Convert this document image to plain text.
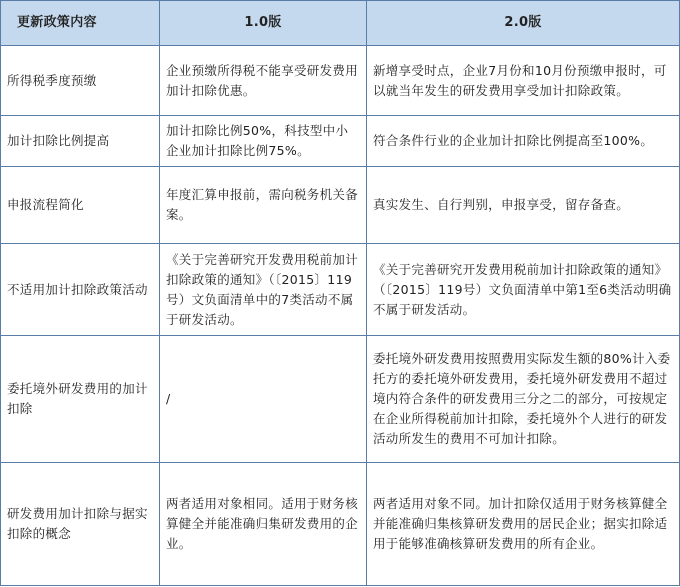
更新政策内容	1.0版	2.0版
所得税季度预缴	企业预缴所得税不能享受研发费用加计扣除优惠。	新增享受时点，企业7月份和10月份预缴申报时，可以就当年发生的研发费用享受加计扣除政策。
加计扣除比例提高	加计扣除比例50%，科技型中小企业加计扣除比例75%。	符合条件行业的企业加计扣除比例提高至100%。
申报流程简化	年度汇算申报前，需向税务机关备案。	真实发生、自行判别，申报享受，留存备查。
不适用加计扣除政策活动	《关于完善研究开发费用税前加计扣除政策的通知》（〔2015〕119号）文负面清单中的7类活动不属于研发活动。	《关于完善研究开发费用税前加计扣除政策的通知》（〔2015〕119号）文负面清单中第1至6类活动明确不属于研发活动。
委托境外研发费用的加计扣除	/	委托境外研发费用按照费用实际发生额的80%计入委托方的委托境外研发费用，委托境外研发费用不超过境内符合条件的研发费用三分之二的部分，可按规定在企业所得税前加计扣除，委托境外个人进行的研发活动所发生的费用不可加计扣除。
研发费用加计扣除与据实扣除的概念	两者适用对象相同。适用于财务核算健全并能准确归集研发费用的企业。	两者适用对象不同。加计扣除仅适用于财务核算健全并能准确归集核算研发费用的居民企业；据实扣除适用于能够准确核算研发费用的所有企业。
